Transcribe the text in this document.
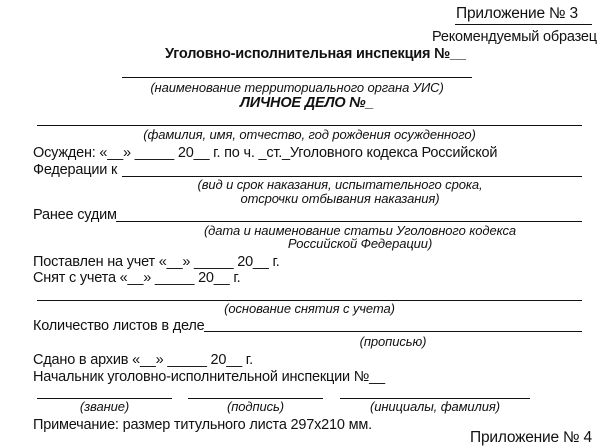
Приложение № 3
Рекомендуемый образец
Уголовно-исполнительная инспекция №__
(наименование территориального органа УИС)
ЛИЧНОЕ ДЕЛО №_
(фамилия, имя, отчество, год рождения осужденного)
Осужден: «__» _____ 20__ г. по ч. _ст._Уголовного кодекса Российской
Федерации к
(вид и срок наказания, испытательного срока,
отсрочки отбывания наказания)
Ранее судим
(дата и наименование статьи Уголовного кодекса
Российской Федерации)
Поставлен на учет «__» _____ 20__ г.
Снят с учета «__» _____ 20__ г.
(основание снятия с учета)
Количество листов в деле
(прописью)
Сдано в архив «__» _____ 20__ г.
Начальник уголовно-исполнительной инспекции №__
(звание)	(подпись)	(инициалы, фамилия)
Примечание: размер титульного листа 297x210 мм.
Приложение № 4
